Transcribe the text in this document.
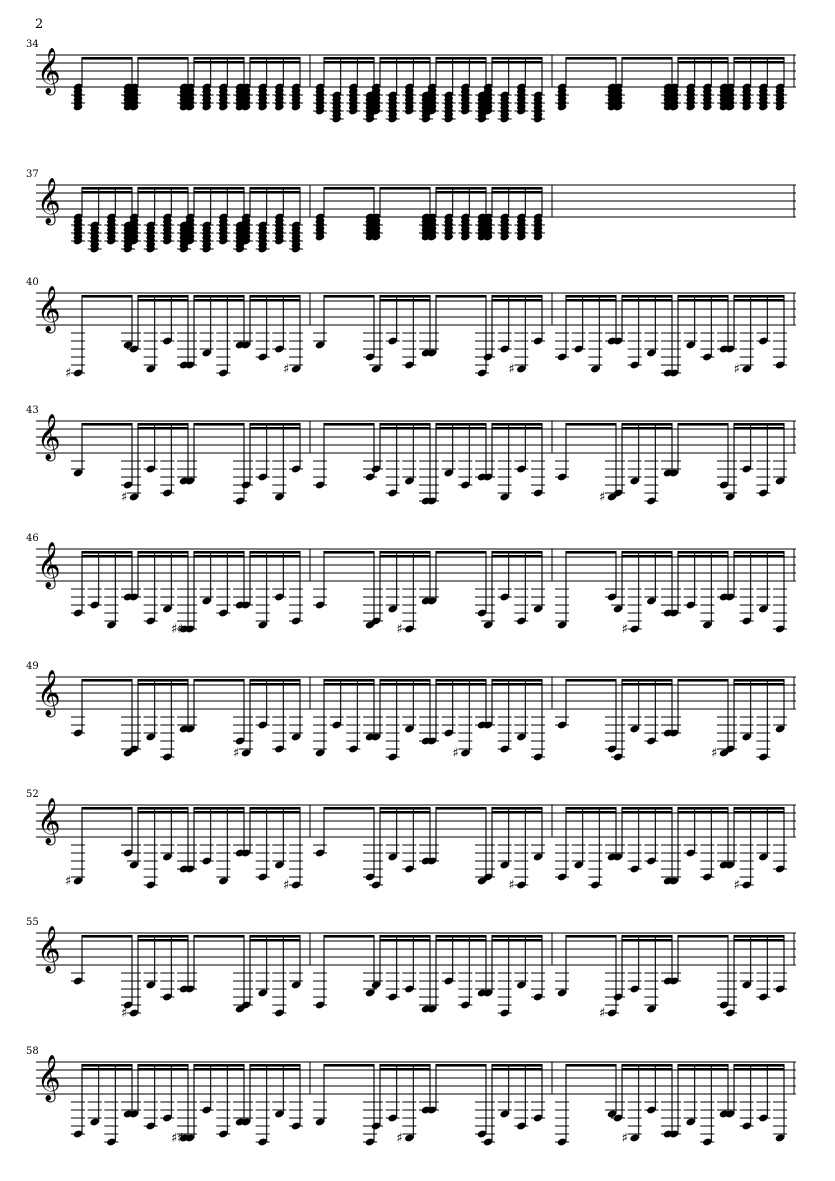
2
34
𝄞
37
𝄞
40
𝄞
♯	♯	♯	♯
43
𝄞
♯	♯
46
𝄞
♯ ♯	♯	♯
49
𝄞
♯	♯	♯
52
𝄞
♯	♯	♯	♯
55
𝄞
♯	♯
58
𝄞
♯ ♯	♯	♯
